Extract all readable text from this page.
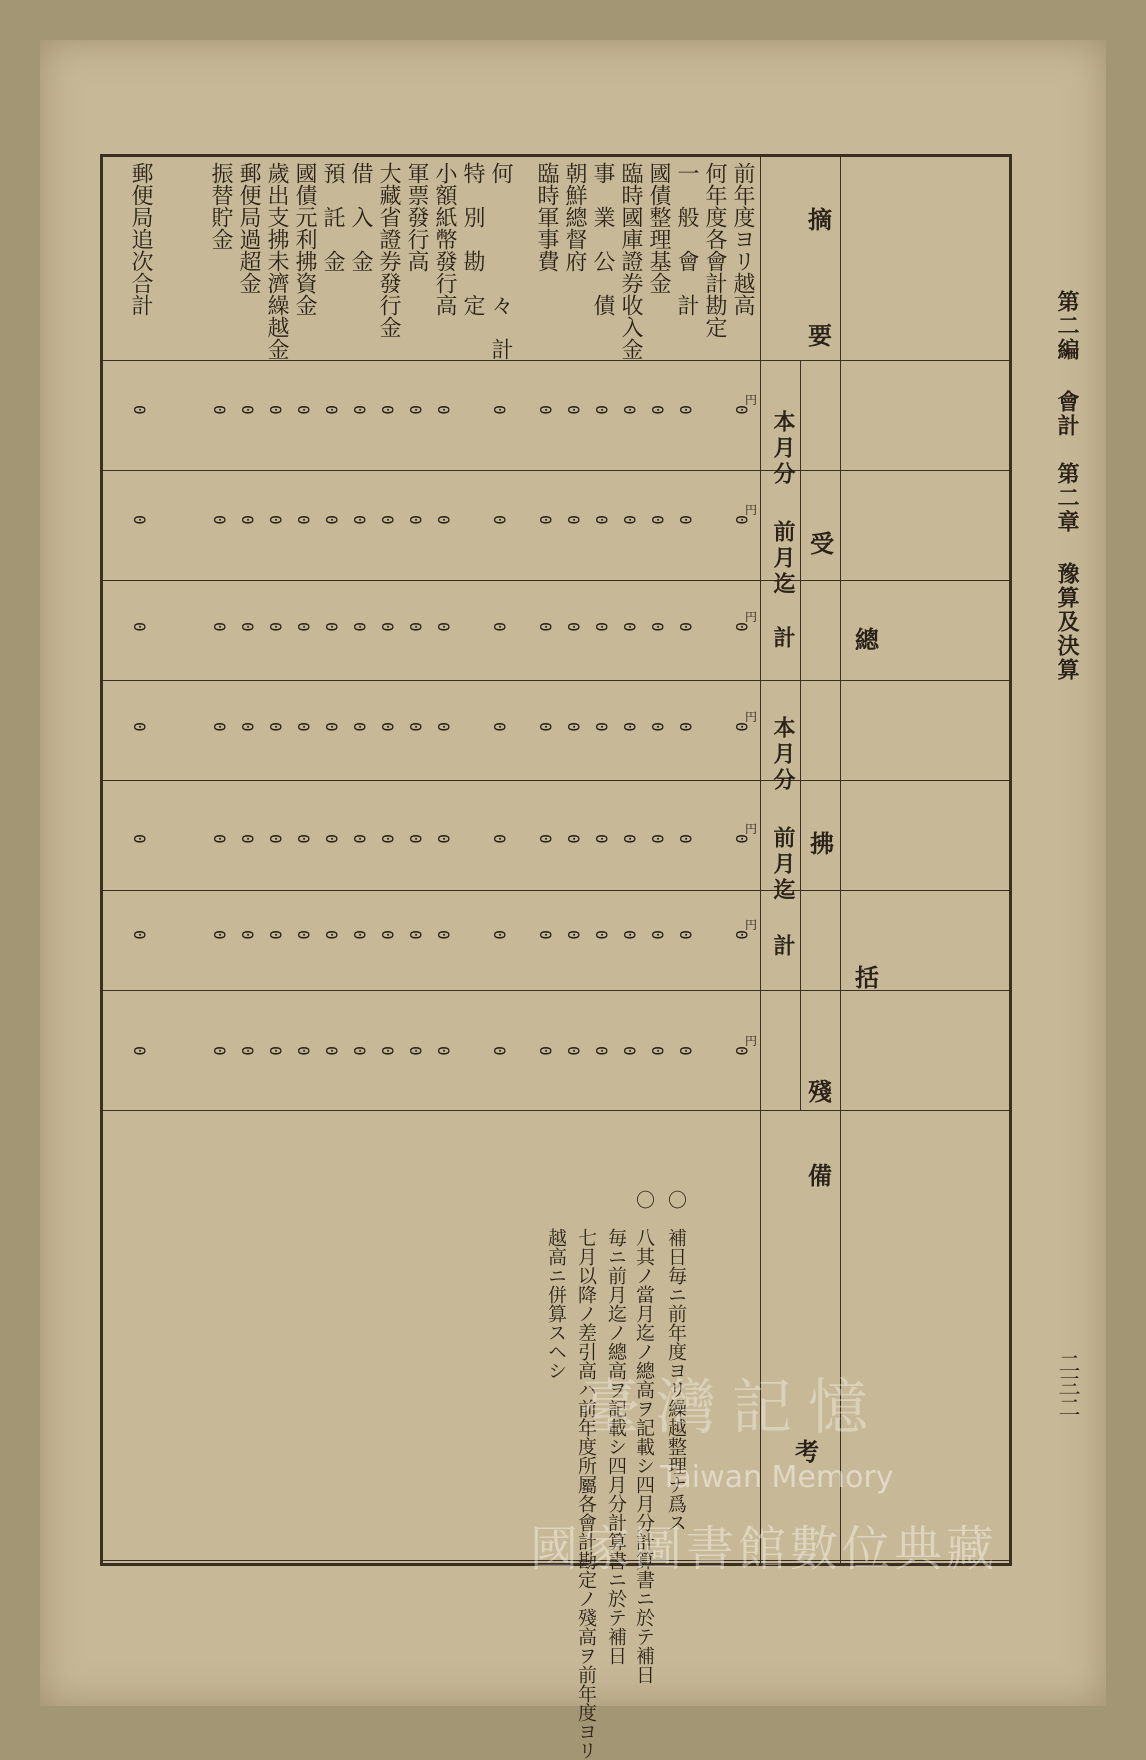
第二編 會計　第二章 豫算及決算
二三二
總
括
受
拂
殘
備
考
摘
要
本月分
前月迄
計
本月分
前月迄
計
前年度ヨリ越高
何年度各會計勘定
一　般　會　計
國債整理基金
臨時國庫證券收入金
事　業　公　債
朝鮮總督府
臨時軍事費
何　　　　　々　計
特　別　勘　定
小額紙幣發行高
軍票發行高
大藏省證券發行金
借　入　金
預　託　金
國債元利拂資金
歲出支拂未濟繰越金
郵便局過超金
振替貯金
郵便局追次合計
0
0
0
0
0
0
0
0
0
0
0
0
0
0
0
0
0
0
0
0
0
0
0
0
0
0
0
0
0
0
0
0
0
0
0
0
0
0
0
0
0
0
0
0
0
0
0
0
0
0
0
0
0
0
0
0
0
0
0
0
0
0
0
0
0
0
0
0
0
0
0
0
0
0
0
0
0
0
0
0
0
0
0
0
0
0
0
0
0
0
0
0
0
0
0
0
0
0
0
0
0
0
0
0
0
0
0
0
0
0
0
0
0
0
0
0
0
0
0
0
0
0
0
0
0
0
円
円
円
円
円
円
円
〇　補日毎ニ前年度ヨリ繰越整理ナ爲ス
〇　八其ノ當月迄ノ總高ヲ記載シ四月分計算書ニ於テ補日
　　毎ニ前月迄ノ總高ヲ記載シ四月分計算書ニ於テ補日
　　七月以降ノ差引高ハ前年度所屬各會計勘定ノ殘高ヲ前年度ヨリ
　　越高ニ併算スヘシ
臺灣記憶
Taiwan Memory
國家圖書館數位典藏
